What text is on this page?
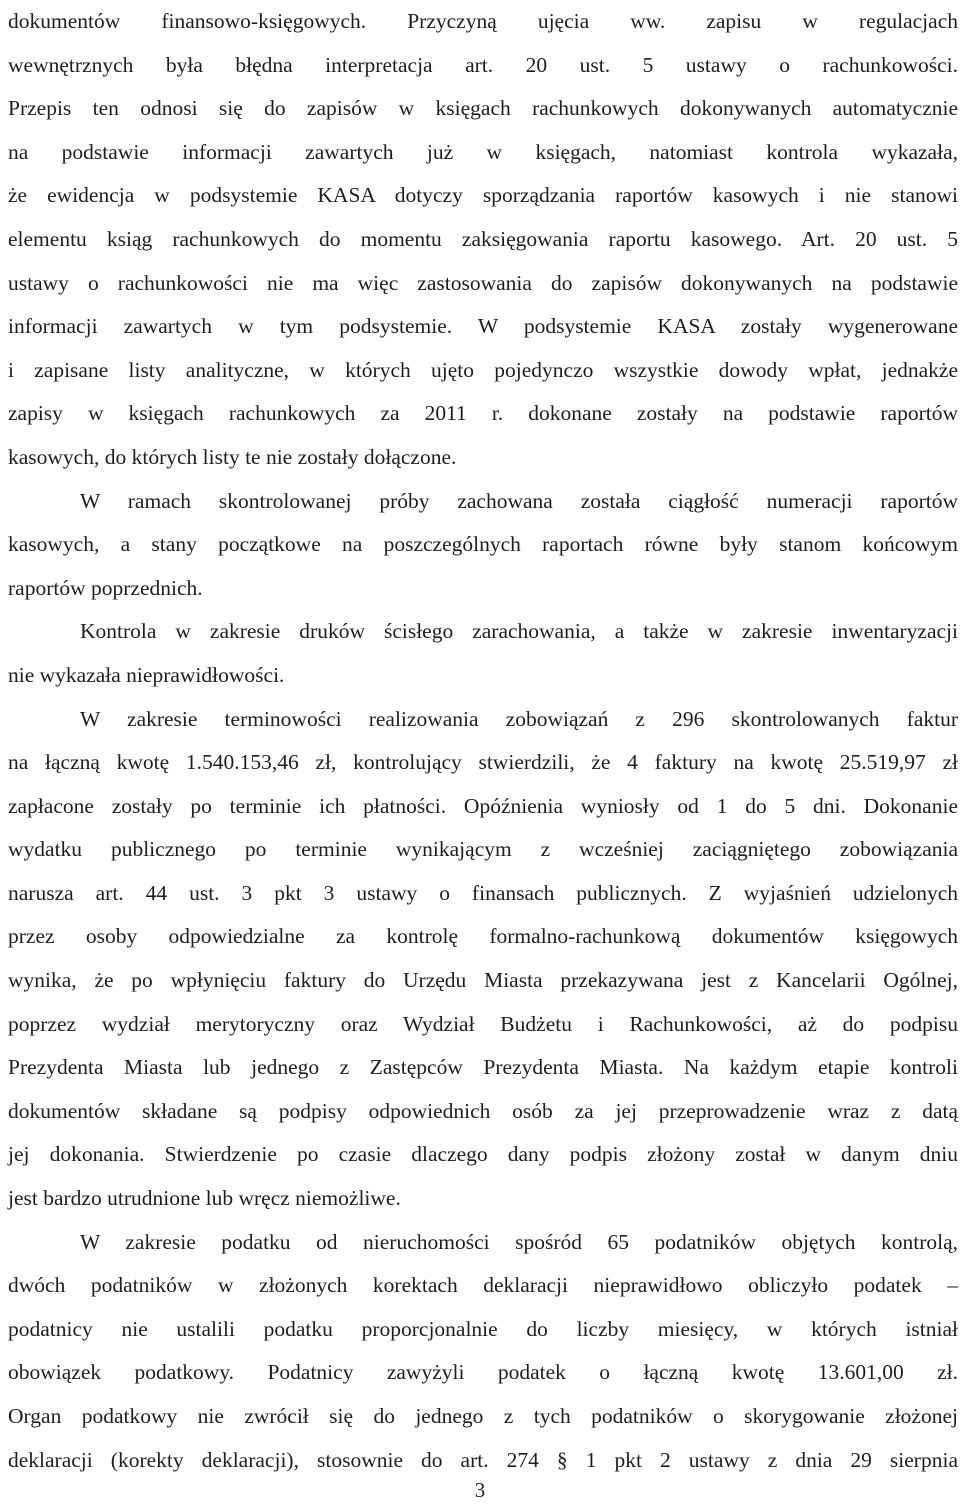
dokumentów finansowo-księgowych. Przyczyną ujęcia ww. zapisu w regulacjach
wewnętrznych była błędna interpretacja art. 20 ust. 5 ustawy o rachunkowości.
Przepis ten odnosi się do zapisów w księgach rachunkowych dokonywanych automatycznie
na podstawie informacji zawartych już w księgach, natomiast kontrola wykazała,
że ewidencja w podsystemie KASA dotyczy sporządzania raportów kasowych i nie stanowi
elementu ksiąg rachunkowych do momentu zaksięgowania raportu kasowego. Art. 20 ust. 5
ustawy o rachunkowości nie ma więc zastosowania do zapisów dokonywanych na podstawie
informacji zawartych w tym podsystemie. W podsystemie KASA zostały wygenerowane
i zapisane listy analityczne, w których ujęto pojedynczo wszystkie dowody wpłat, jednakże
zapisy w księgach rachunkowych za 2011 r. dokonane zostały na podstawie raportów
kasowych, do których listy te nie zostały dołączone.
W ramach skontrolowanej próby zachowana została ciągłość numeracji raportów
kasowych, a stany początkowe na poszczególnych raportach równe były stanom końcowym
raportów poprzednich.
Kontrola w zakresie druków ścisłego zarachowania, a także w zakresie inwentaryzacji
nie wykazała nieprawidłowości.
W zakresie terminowości realizowania zobowiązań z 296 skontrolowanych faktur
na łączną kwotę 1.540.153,46 zł, kontrolujący stwierdzili, że 4 faktury na kwotę 25.519,97 zł
zapłacone zostały po terminie ich płatności. Opóźnienia wyniosły od 1 do 5 dni. Dokonanie
wydatku publicznego po terminie wynikającym z wcześniej zaciągniętego zobowiązania
narusza art. 44 ust. 3 pkt 3 ustawy o finansach publicznych. Z wyjaśnień udzielonych
przez osoby odpowiedzialne za kontrolę formalno-rachunkową dokumentów księgowych
wynika, że po wpłynięciu faktury do Urzędu Miasta przekazywana jest z Kancelarii Ogólnej,
poprzez wydział merytoryczny oraz Wydział Budżetu i Rachunkowości, aż do podpisu
Prezydenta Miasta lub jednego z Zastępców Prezydenta Miasta. Na każdym etapie kontroli
dokumentów składane są podpisy odpowiednich osób za jej przeprowadzenie wraz z datą
jej dokonania. Stwierdzenie po czasie dlaczego dany podpis złożony został w danym dniu
jest bardzo utrudnione lub wręcz niemożliwe.
W zakresie podatku od nieruchomości spośród 65 podatników objętych kontrolą,
dwóch podatników w złożonych korektach deklaracji nieprawidłowo obliczyło podatek –
podatnicy nie ustalili podatku proporcjonalnie do liczby miesięcy, w których istniał
obowiązek podatkowy. Podatnicy zawyżyli podatek o łączną kwotę 13.601,00 zł.
Organ podatkowy nie zwrócił się do jednego z tych podatników o skorygowanie złożonej
deklaracji (korekty deklaracji), stosownie do art. 274 § 1 pkt 2 ustawy z dnia 29 sierpnia
3
